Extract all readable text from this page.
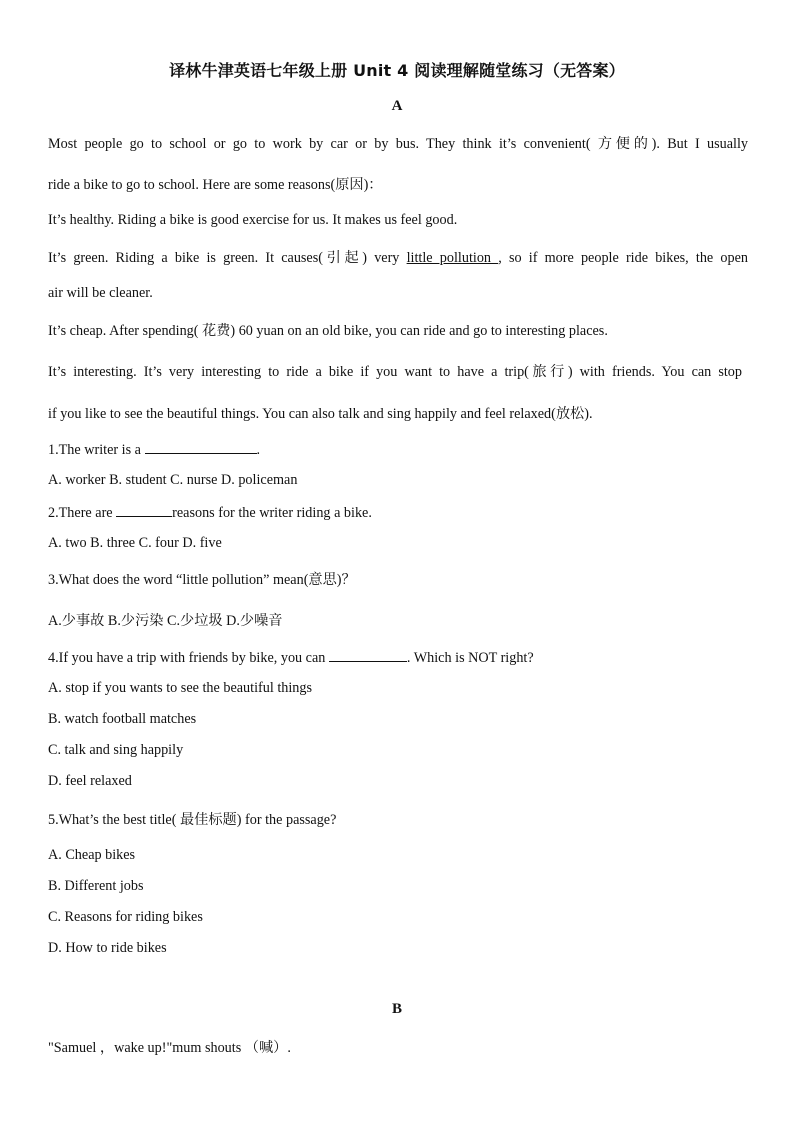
译林牛津英语七年级上册 Unit 4 阅读理解随堂练习（无答案）
A
Most people go to school or go to work by car or by bus. They think it’s convenient( 方便的). But I usually
ride a bike to go to school. Here are some reasons(原因)：
It’s healthy. Riding a bike is good exercise for us. It makes us feel good.
It’s green. Riding a bike is green. It causes(引起) very little pollution , so if more people ride bikes, the open
air will be cleaner.
It’s cheap. After spending( 花费) 60 yuan on an old bike, you can ride and go to interesting places.
It’s interesting. It’s very interesting to ride a bike if you want to have a trip(旅行) with friends. You can stop
if you like to see the beautiful things. You can also talk and sing happily and feel relaxed(放松).
1.The writer is a	.
A. worker B. student C. nurse D. policeman
2.There are	reasons for the writer riding a bike.
A. two B. three C. four D. five
3.What does the word “little pollution” mean(意思)？
A.少事故 B.少污染 C.少垃圾 D.少噪音
4.If you have a trip with friends by bike, you can	. Which is NOT right?
A. stop if you wants to see the beautiful things
B. watch football matches
C. talk and sing happily
D. feel relaxed
5.What’s the best title( 最佳标题) for the passage?
A. Cheap bikes
B. Different jobs
C. Reasons for riding bikes
D. How to ride bikes
B
"Samuel ，wake up!"mum shouts （喊）.
